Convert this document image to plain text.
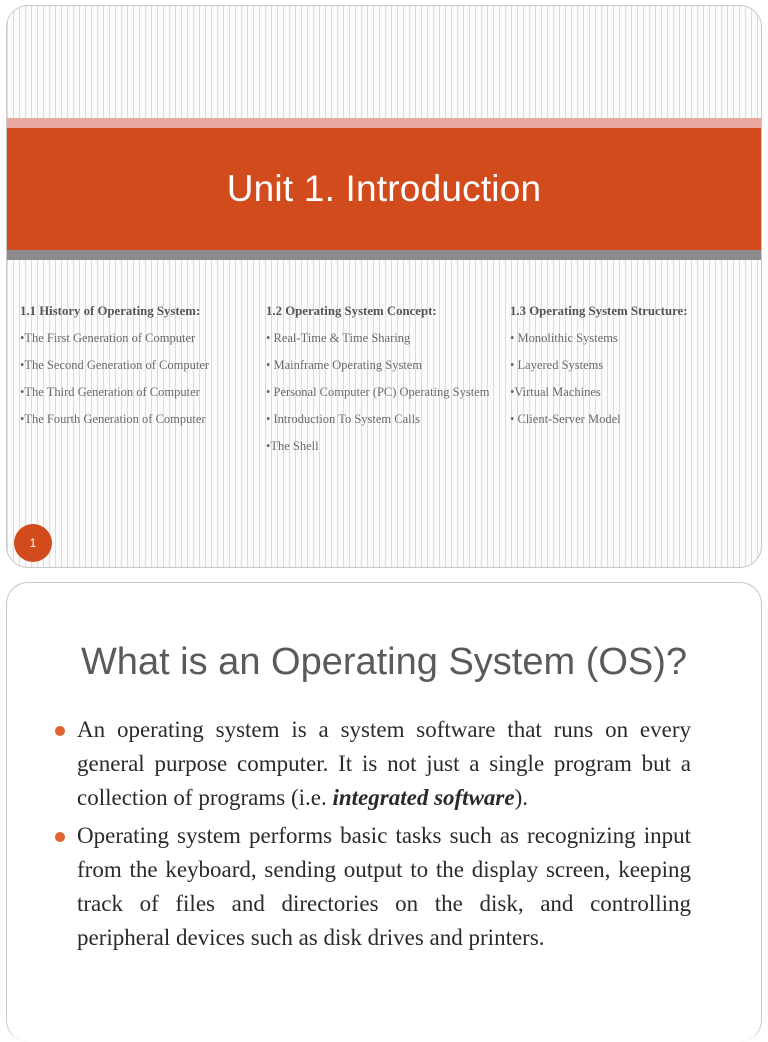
Unit 1. Introduction
1.1 History of Operating System:
•The First Generation of Computer
•The Second Generation of Computer
•The Third Generation of Computer
•The Fourth Generation of Computer
1.2 Operating System Concept:
• Real-Time & Time Sharing
• Mainframe Operating System
• Personal Computer (PC) Operating System
• Introduction To System Calls
•The Shell
1.3 Operating System Structure:
• Monolithic Systems
• Layered Systems
•Virtual Machines
• Client-Server Model
1
What is an Operating System (OS)?
An operating system is a system software that runs on every general purpose computer. It is not just a single program but a collection of programs (i.e. integrated software).
Operating system performs basic tasks such as recognizing input from the keyboard, sending output to the display screen, keeping track of files and directories on the disk, and controlling peripheral devices such as disk drives and printers.
